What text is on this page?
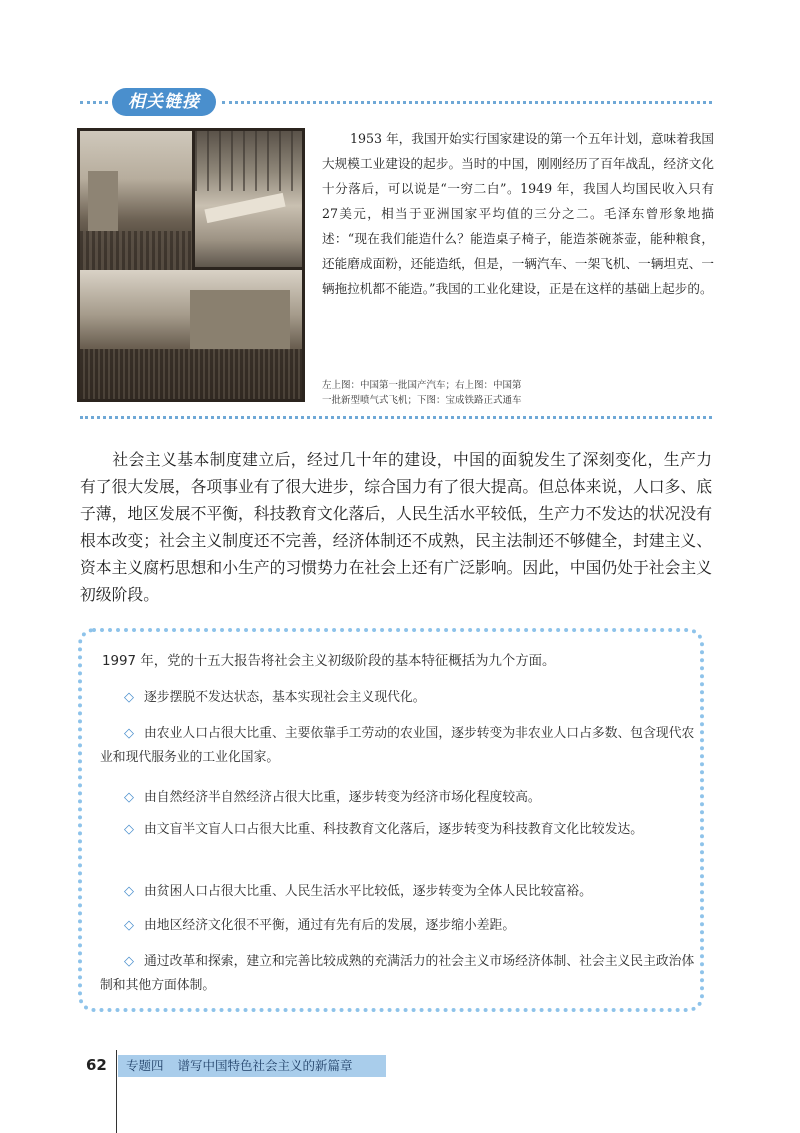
相关链接

1953 年，我国开始实行国家建设的第一个五年计划，意味着我国大规模工业建设的起步。当时的中国，刚刚经历了百年战乱，经济文化十分落后，可以说是“一穷二白”。1949 年，我国人均国民收入只有27美元，相当于亚洲国家平均值的三分之二。毛泽东曾形象地描述：“现在我们能造什么？能造桌子椅子，能造茶碗茶壶，能种粮食，还能磨成面粉，还能造纸，但是，一辆汽车、一架飞机、一辆坦克、一辆拖拉机都不能造。”我国的工业化建设，正是在这样的基础上起步的。

左上图：中国第一批国产汽车；右上图：中国第
一批新型喷气式飞机；下图：宝成铁路正式通车

社会主义基本制度建立后，经过几十年的建设，中国的面貌发生了深刻变化，生产力有了很大发展，各项事业有了很大进步，综合国力有了很大提高。但总体来说，人口多、底子薄，地区发展不平衡，科技教育文化落后，人民生活水平较低，生产力不发达的状况没有根本改变；社会主义制度还不完善，经济体制还不成熟，民主法制还不够健全，封建主义、资本主义腐朽思想和小生产的习惯势力在社会上还有广泛影响。因此，中国仍处于社会主义初级阶段。

1997 年，党的十五大报告将社会主义初级阶段的基本特征概括为九个方面。

◇ 逐步摆脱不发达状态，基本实现社会主义现代化。

◇ 由农业人口占很大比重、主要依靠手工劳动的农业国，逐步转变为非农业人口占多数、包含现代农业和现代服务业的工业化国家。

◇ 由自然经济半自然经济占很大比重，逐步转变为经济市场化程度较高。

◇ 由文盲半文盲人口占很大比重、科技教育文化落后，逐步转变为科技教育文化比较发达。

◇ 由贫困人口占很大比重、人民生活水平比较低，逐步转变为全体人民比较富裕。

◇ 由地区经济文化很不平衡，通过有先有后的发展，逐步缩小差距。

◇ 通过改革和探索，建立和完善比较成熟的充满活力的社会主义市场经济体制、社会主义民主政治体制和其他方面体制。

62	专题四 谱写中国特色社会主义的新篇章
